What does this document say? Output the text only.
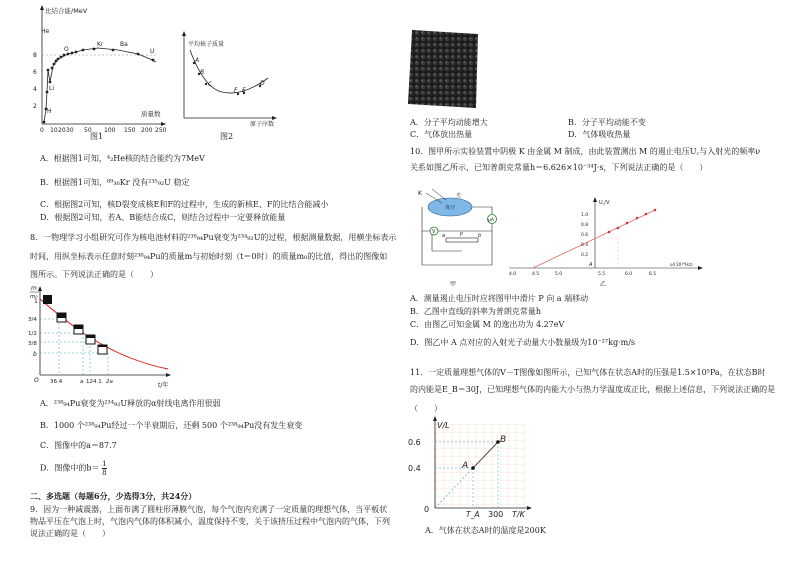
比结合能/MeV
8
6
4
2
0 10 20 30 50 100 150 200 250
质量数
He
Li
H
O
Kr	Ba
U
图1
A
B
C
F E
D
平均核子质量
原子序数
图2
A．根据图1可知，⁴₂He核的结合能约为7MeV
B．根据图1可知，⁸⁹₃₆Kr 没有²³⁵₉₂U 稳定
C．根据图2可知，核D裂变成核E和F的过程中，生成的新核E、F的比结合能减小
D．根据图2可知，若A、B能结合成C，则结合过程中一定要释放能量
8．一物理学习小组研究可作为核电池材料的²³⁸₉₄Pu衰变为²³⁴₉₂U的过程，根据测量数据，用横坐标表示
时间，用纵坐标表示任意时刻²³⁸₉₄Pu的质量m与初始时刻（t＝0时）的质量m₀的比值，得出的图像如
图所示。下列说法正确的是（　　）
m
m₀
1
3/4
1/2
3/8
b
O 36.4	a 124.1 2a	t/年
A．²³⁸₉₄Pu衰变为²³⁴₉₂U释放的α射线电离作用很弱
B．1000 个²³⁸₉₄Pu经过一个半衰期后，还剩 500 个²³⁸₉₄Pu没有发生衰变
C．图像中的a＝87.7
D．图像中的$b= \frac{1}{8}$
二、多选题（每题6分，少选得3分，共24分）
9．因为一种减震器，上面布满了圆柱形薄膜气泡，每个气泡内充满了一定质量的理想气体，当平板状
物品平压在气泡上时，气泡内气体的体积减小，温度保持不变，关于该挤压过程中气泡内的气体，下列
说法正确的是（　　）
A．分子平均动能增大	B．分子平均动能不变
C．气体放出热量	D．气体吸收热量
10．图甲所示实验装置中阴极 K 由金属 M 制成，由此装置测出 M 的遏止电压U꜀与入射光的频率ν
关系如图乙所示，已知普朗克常量h＝6.626×10⁻³⁴J·s，下列说法正确的是（　　）
K
真空
光
V
μA
a	P	b
甲
U꜀/V
1.0
0.8
0.6
0.4
0.2
A
4.0	4.5	5.0	5.5	6.0	6.5
ν/(10¹⁴Hz)
乙
A．测量遏止电压时应将图甲中滑片 P 向 a 端移动
B．乙图中直线的斜率为普朗克常量h
C．由图乙可知金属 M 的逸出功为 4.27eV
D．图乙中 A 点对应的入射光子动量大小数量级为10⁻²⁷kg·m/s
11．一定质量理想气体的V－T图像如图所示，已知气体在状态A时的压强是1.5×10⁵Pa，在状态B时
的内能是E_B＝30J，已知理想气体的内能大小与热力学温度成正比，根据上述信息，下列说法正确的是
（　　）
V/L
0.6
0.4
0
A
B
T_A 300 T/K
A．气体在状态A时的温度是200K
